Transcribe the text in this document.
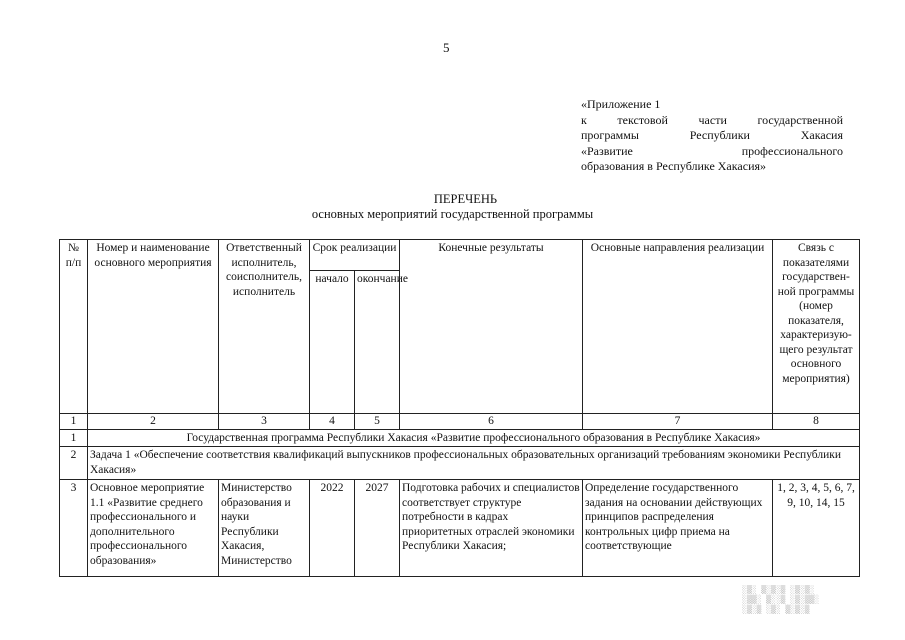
5
«Приложение 1
к текстовой части государственной
программы Республики Хакасия
«Развитие профессионального
образования в Республике Хакасия»
ПЕРЕЧЕНЬ
основных мероприятий государственной программы
№ п/п	Номер и наименование основного мероприятия	Ответственный исполнитель, соисполнитель, исполнитель	Срок реализации		Конечные результаты	Основные направления реализации	Связь с показателями государствен-ной программы (номер показателя, характеризую-щего результат основного мероприятия)
			начало	окончание			
1	2	3	4	5	6	7	8
1	Государственная программа Республики Хакасия «Развитие профессионального образования в Республике Хакасия»						
2	Задача 1 «Обеспечение соответствия квалификаций выпускников профессиональных образовательных организаций требованиям экономики Республики Хакасия»						

3	Основное мероприятие 1.1 «Развитие среднего профессионального и дополнительного профессионального образования»	Министерство образования и науки Республики Хакасия, Министерство	2022	2027	Подготовка рабочих и специалистов соответствует структуре потребности в кадрах приоритетных отраслей экономики Республики Хакасия;	Определение государственного задания на основании действующих принципов распределения контрольных цифр приема на соответствующие	1, 2, 3, 4, 5, 6, 7, 9, 10, 14, 15
░▒░ ▒░▒░▒ ░▒░▒░
░▒▒░ ▒░░▒ ░▒░▒▒░
░▒░▒ ░▒░ ▒░▒░▒
